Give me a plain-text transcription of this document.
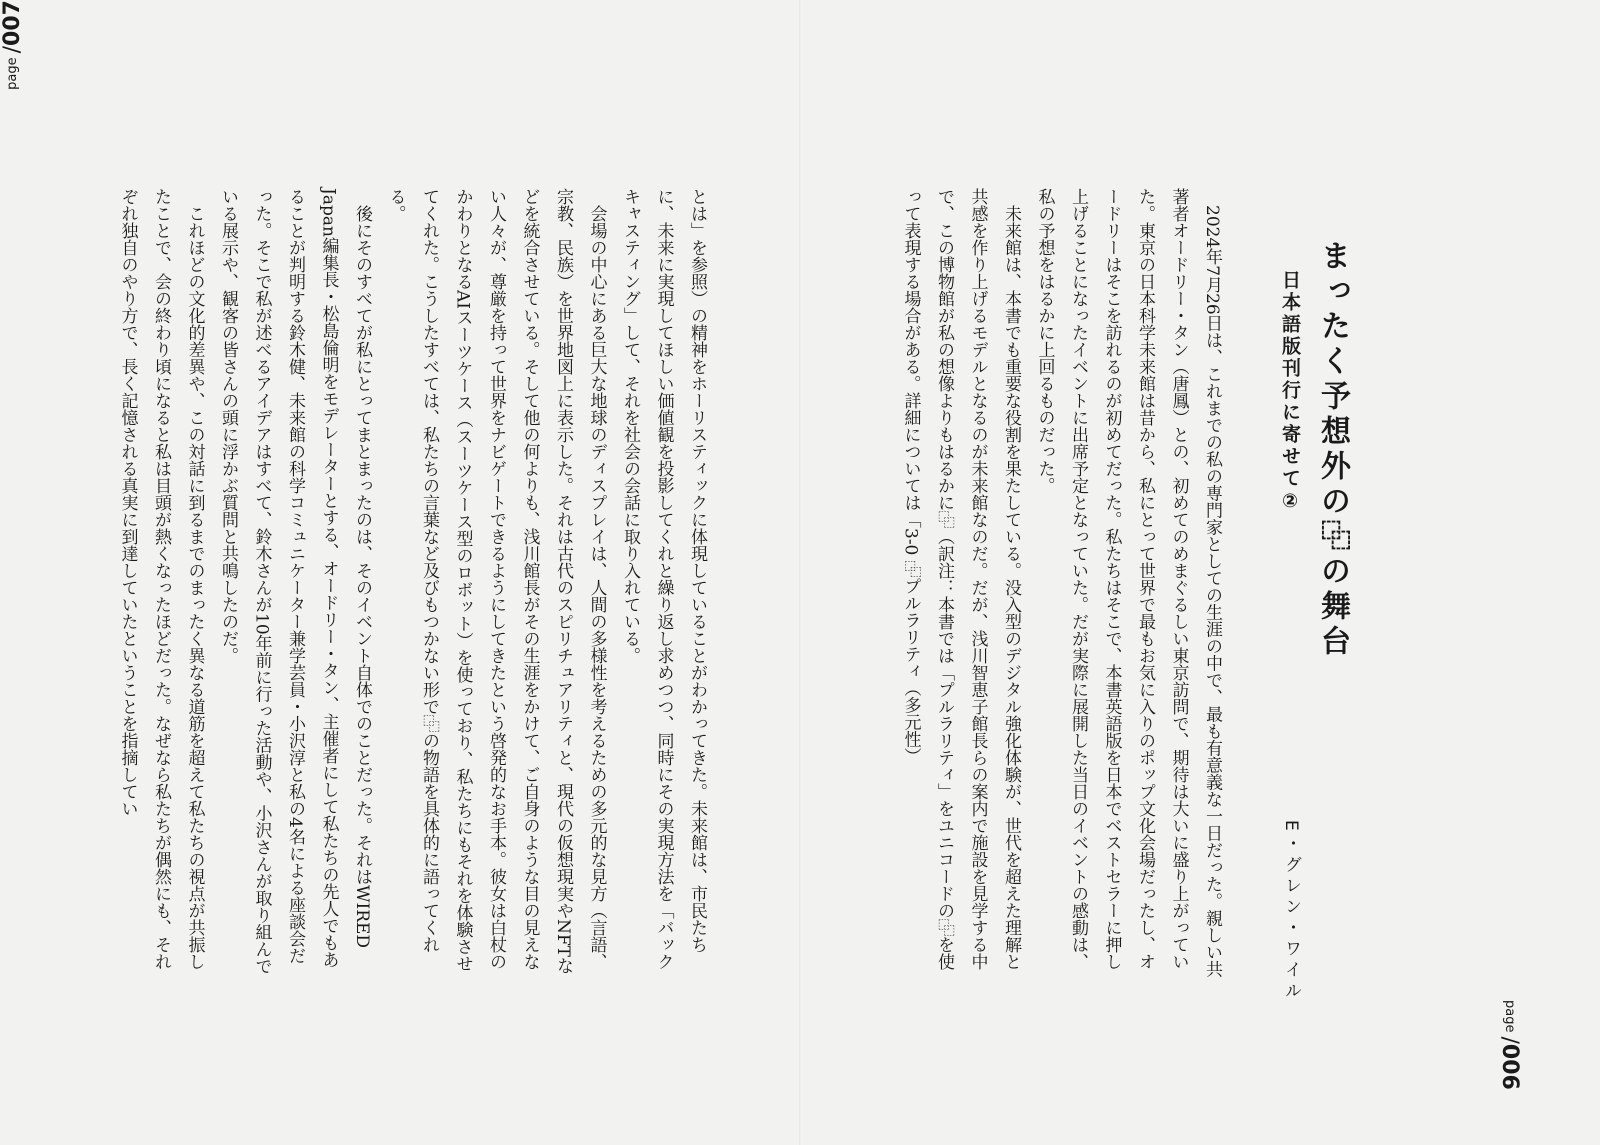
日本語版刊行に寄せて② まったく予想外の⿻の舞台
E・グレン・ワイル

2024年7月26日は、これまでの私の専門家としての生涯の中で、最も有意義な一日だった。親しい共著者オードリー・タン（唐鳳）との、初めてのめまぐるしい東京訪問で、期待は大いに盛り上がっていた。東京の日本科学未来館は昔から、私にとって世界で最もお気に入りのポップ文化会場だったし、オードリーはそこを訪れるのが初めてだった。私たちはそこで、本書英語版を日本でベストセラーに押し上げることになったイベントに出席予定となっていた。だが実際に展開した当日のイベントの感動は、私の予想をはるかに上回るものだった。

未来館は、本書でも重要な役割を果たしている。没入型のデジタル強化体験が、世代を超えた理解と共感を作り上げるモデルとなるのが未来館なのだ。だが、浅川智恵子館長らの案内で施設を見学する中で、この博物館が私の想像よりもはるかに⿻（訳注：本書では「プルラリティ」をユニコードの⿻を使って表現する場合がある。詳細については「3-0 ⿻プルラリティ（多元性）

とは」を参照）の精神をホーリスティックに体現していることがわかってきた。未来館は、市民たちに、未来に実現してほしい価値観を投影してくれと繰り返し求めつつ、同時にその実現方法を「バックキャスティング」して、それを社会の会話に取り入れている。

会場の中心にある巨大な地球のディスプレイは、人間の多様性を考えるための多元的な見方（言語、宗教、民族）を世界地図上に表示した。それは古代のスピリチュアリティと、現代の仮想現実やNFTなどを統合させている。そして他の何よりも、浅川館長がその生涯をかけて、ご自身のような目の見えない人々が、尊厳を持って世界をナビゲートできるようにしてきたという啓発的なお手本。彼女は白杖のかわりとなるAIスーツケース（スーツケース型のロボット）を使っており、私たちにもそれを体験させてくれた。こうしたすべては、私たちの言葉など及びもつかない形で⿻の物語を具体的に語ってくれる。

後にそのすべてが私にとってまとまったのは、そのイベント自体でのことだった。それはWIRED Japan編集長・松島倫明をモデレーターとする、オードリー・タン、主催者にして私たちの先人でもあることが判明する鈴木健、未来館の科学コミュニケーター兼学芸員・小沢淳と私の4名による座談会だった。そこで私が述べるアイデアはすべて、鈴木さんが10年前に行った活動や、小沢さんが取り組んでいる展示や、観客の皆さんの頭に浮かぶ質問と共鳴したのだ。

これほどの文化的差異や、この対話に到るまでのまったく異なる道筋を超えて私たちの視点が共振したことで、会の終わり頃になると私は目頭が熱くなったほどだった。なぜなら私たちが偶然にも、それぞれ独自のやり方で、長く記憶される真実に到達していたということを指摘してい

page/006
page/007
